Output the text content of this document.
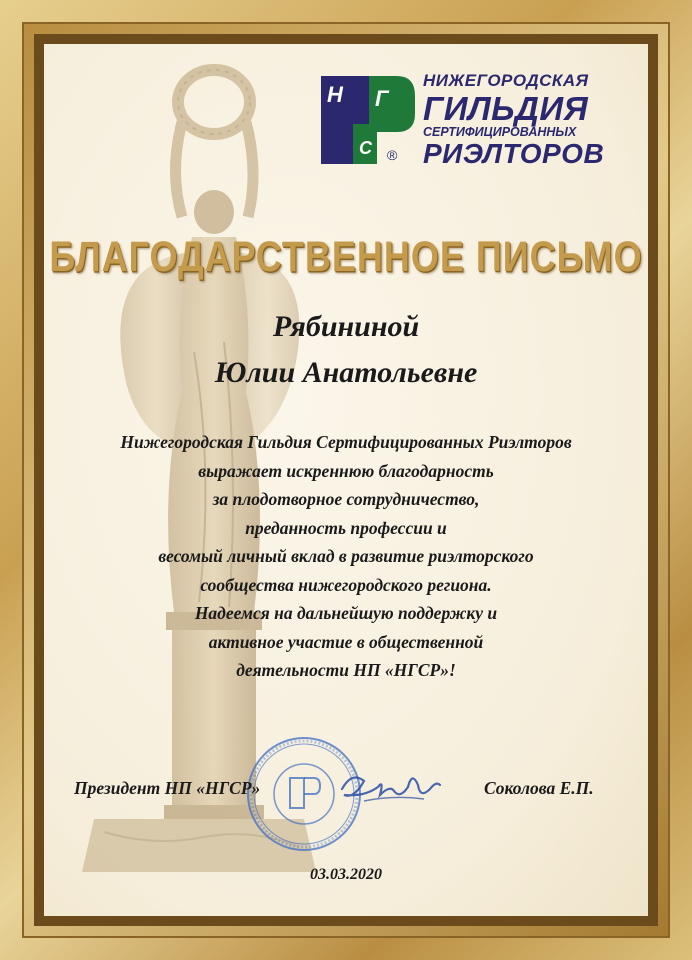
Н Г
С ®
НИЖЕГОРОДСКАЯ
ГИЛЬДИЯ
СЕРТИФИЦИРОВАННЫХ
РИЭЛТОРОВ
БЛАГОДАРСТВЕННОЕ ПИСЬМО
Рябининой
Юлии Анатольевне
Нижегородская Гильдия Сертифицированных Риэлторов
выражает искреннюю благодарность
за плодотворное сотрудничество,
преданность профессии и
весомый личный вклад в развитие риэлторского
сообщества нижегородского региона.
Надеемся на дальнейшую поддержку и
активное участие в общественной
деятельности НП «НГСР»!
Президент НП «НГСР»	Соколова Е.П.
03.03.2020
